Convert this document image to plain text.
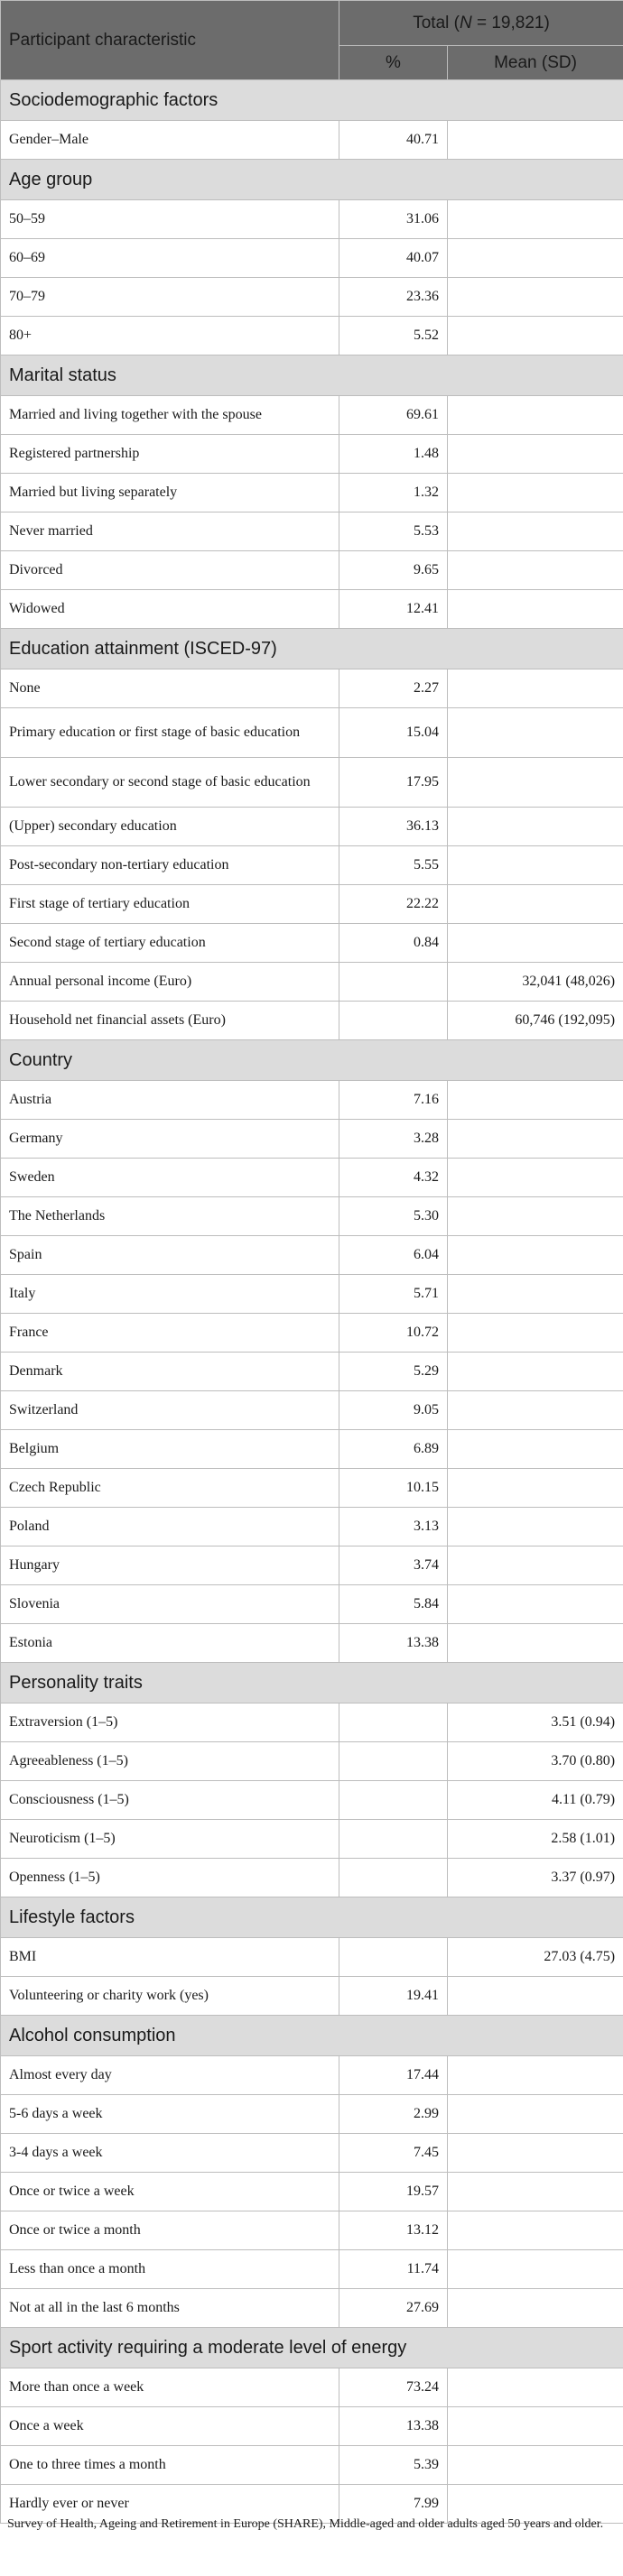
Participant characteristic	Total (N = 19,821)	
	%	Mean (SD)
Sociodemographic factors		
Gender–Male	40.71	
Age group		
50–59	31.06	
60–69	40.07	
70–79	23.36	
80+	5.52	
Marital status		
Married and living together with the spouse	69.61	
Registered partnership	1.48	
Married but living separately	1.32	
Never married	5.53	
Divorced	9.65	
Widowed	12.41	
Education attainment (ISCED-97)		
None	2.27	
Primary education or first stage of basic education	15.04	
Lower secondary or second stage of basic education	17.95	
(Upper) secondary education	36.13	
Post-secondary non-tertiary education	5.55	
First stage of tertiary education	22.22	
Second stage of tertiary education	0.84	
Annual personal income (Euro)		32,041 (48,026)
Household net financial assets (Euro)		60,746 (192,095)
Country		
Austria	7.16	
Germany	3.28	
Sweden	4.32	
The Netherlands	5.30	
Spain	6.04	
Italy	5.71	
France	10.72	
Denmark	5.29	
Switzerland	9.05	
Belgium	6.89	
Czech Republic	10.15	
Poland	3.13	
Hungary	3.74	
Slovenia	5.84	
Estonia	13.38	
Personality traits		
Extraversion (1–5)		3.51 (0.94)
Agreeableness (1–5)		3.70 (0.80)
Consciousness (1–5)		4.11 (0.79)
Neuroticism (1–5)		2.58 (1.01)
Openness (1–5)		3.37 (0.97)
Lifestyle factors		
BMI		27.03 (4.75)
Volunteering or charity work (yes)	19.41	
Alcohol consumption		
Almost every day	17.44	
5-6 days a week	2.99	
3-4 days a week	7.45	
Once or twice a week	19.57	
Once or twice a month	13.12	
Less than once a month	11.74	
Not at all in the last 6 months	27.69	
Sport activity requiring a moderate level of energy		
More than once a week	73.24	
Once a week	13.38	
One to three times a month	5.39	
Hardly ever or never	7.99	
Survey of Health, Ageing and Retirement in Europe (SHARE), Middle-aged and older adults aged 50 years and older.
